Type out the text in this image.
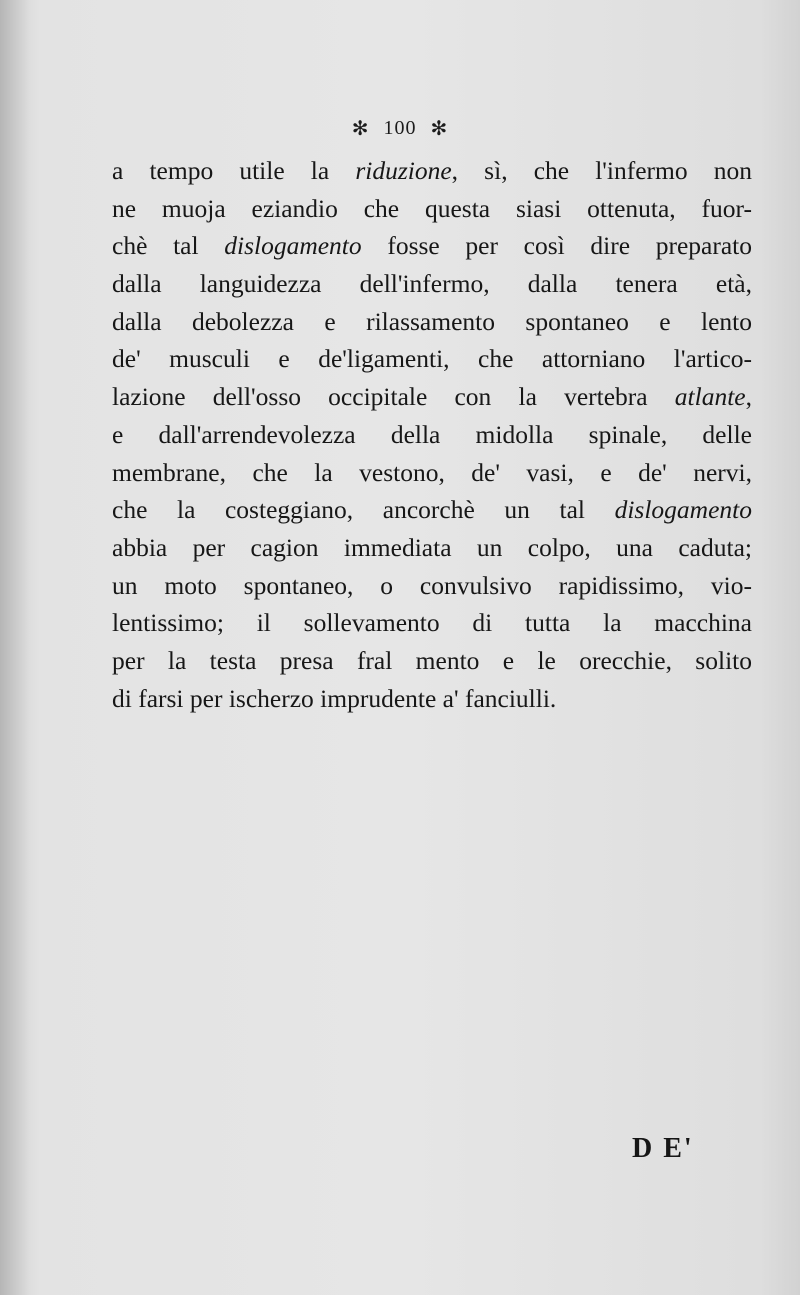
✻ 100 ✻
a tempo utile la riduzione, sì, che l'infermo non
ne muoja eziandio che questa siasi ottenuta, fuor-
chè tal dislogamento fosse per così dire preparato
dalla languidezza dell'infermo, dalla tenera età,
dalla debolezza e rilassamento spontaneo e lento
de' musculi e de'ligamenti, che attorniano l'artico-
lazione dell'osso occipitale con la vertebra atlante,
e dall'arrendevolezza della midolla spinale, delle
membrane, che la vestono, de' vasi, e de' nervi,
che la costeggiano, ancorchè un tal dislogamento
abbia per cagion immediata un colpo, una caduta;
un moto spontaneo, o convulsivo rapidissimo, vio-
lentissimo; il sollevamento di tutta la macchina
per la testa presa fral mento e le orecchie, solito
di farsi per ischerzo imprudente a' fanciulli.
D E'
